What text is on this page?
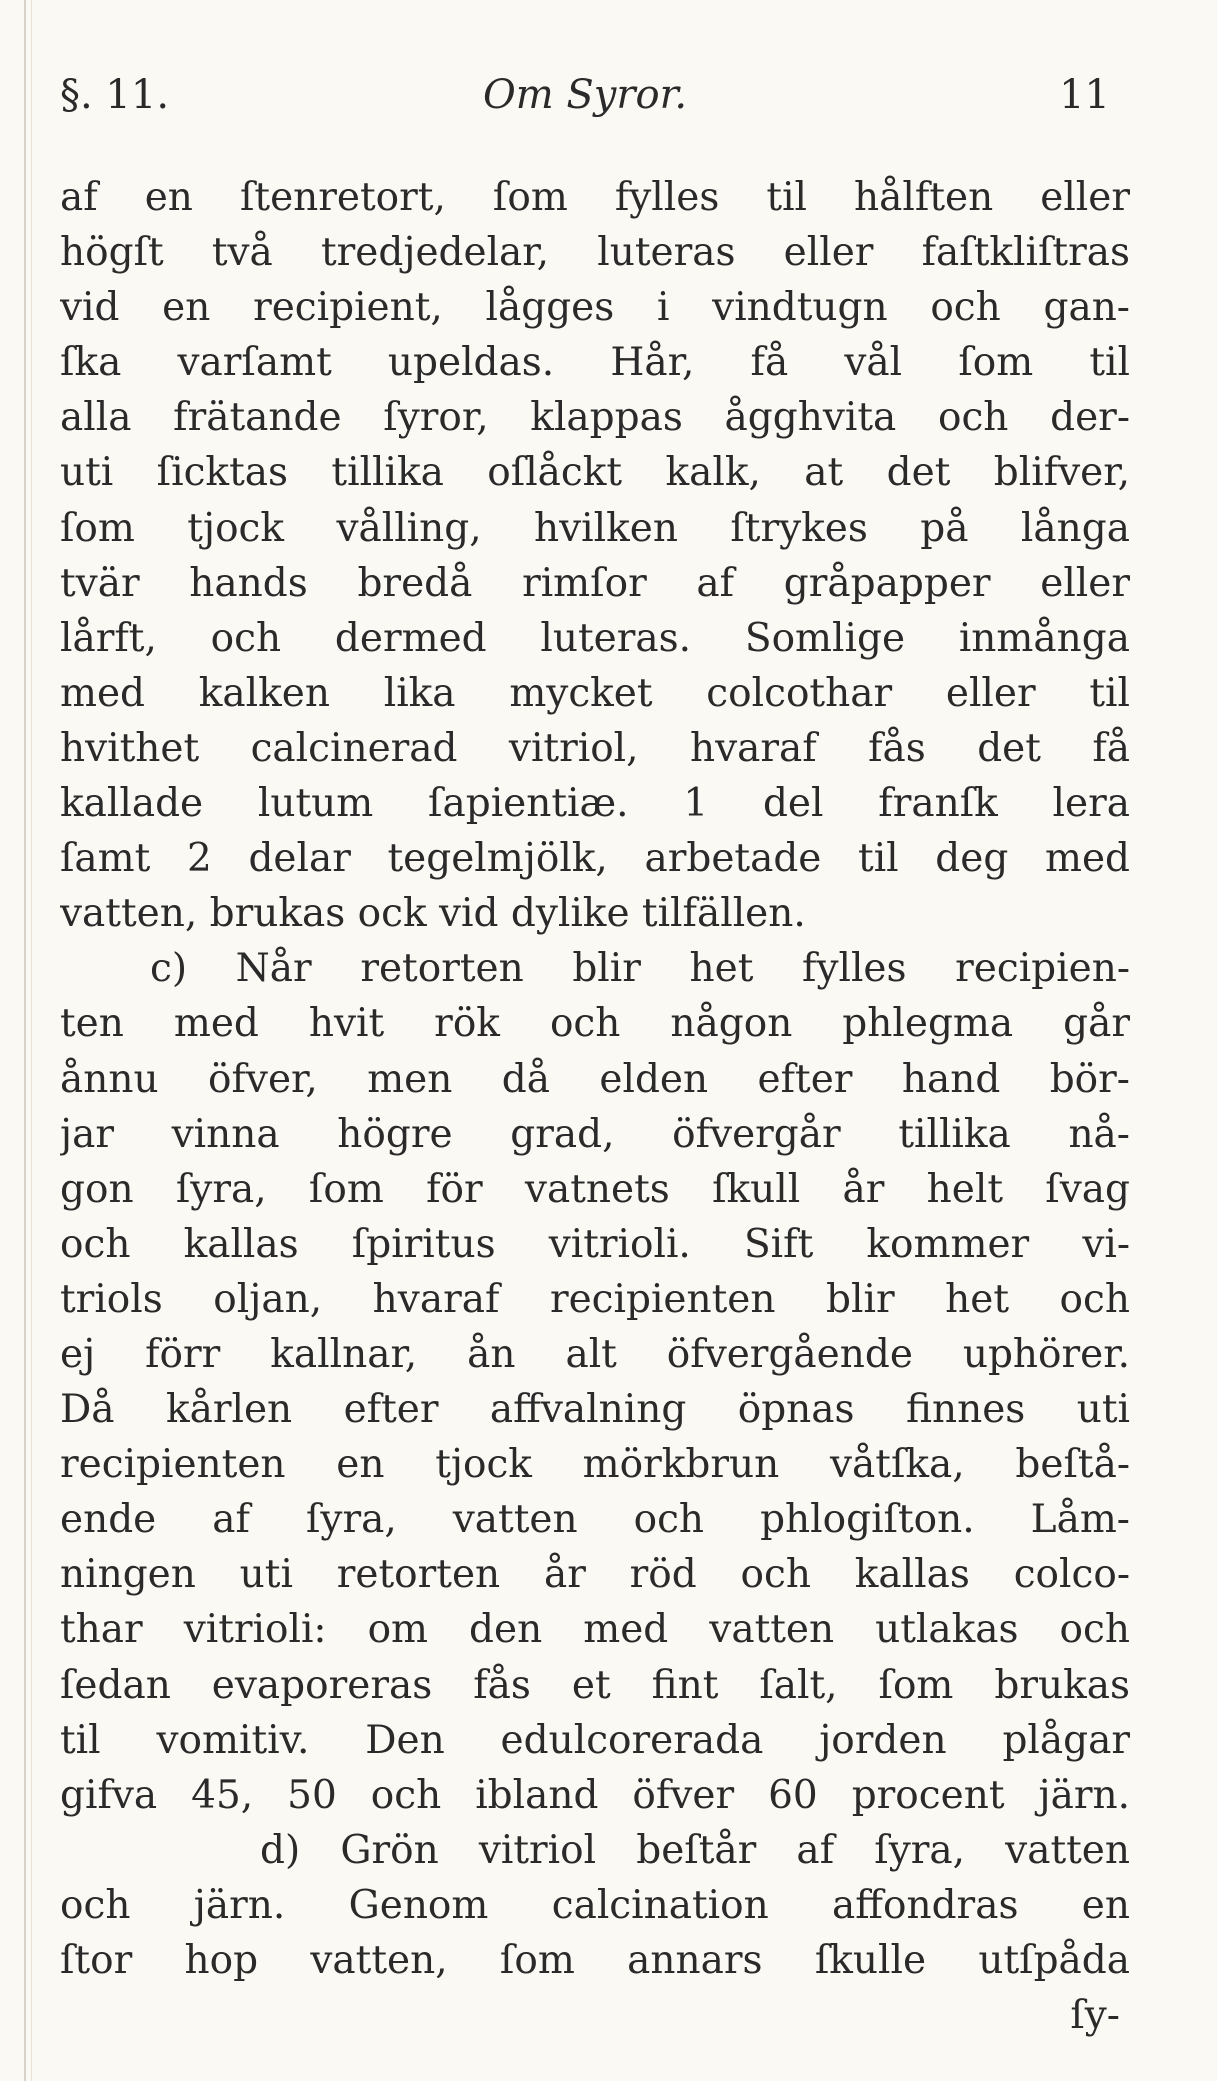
§. 11.	Om Syror.	11
af en ſtenretort, ſom fylles til hålften eller
högſt två tredjedelar, luteras eller faſtkliſtras
vid en recipient, lågges i vindtugn och gan-
ſka varſamt upeldas. Hår, få vål ſom til
alla frätande ſyror, klappas ågghvita och der-
uti ſicktas tillika oſlåckt kalk, at det blifver,
ſom tjock vålling, hvilken ſtrykes på långa
tvär hands bredå rimſor af gråpapper eller
lårft, och dermed luteras. Somlige inmånga
med kalken lika mycket colcothar eller til
hvithet calcinerad vitriol, hvaraf fås det få
kallade lutum ſapientiæ. 1 del franſk lera
ſamt 2 delar tegelmjölk, arbetade til deg med
vatten, brukas ock vid dylike tilfällen.
c) Når retorten blir het fylles recipien-
ten med hvit rök och någon phlegma går
ånnu öfver, men då elden efter hand bör-
jar vinna högre grad, öfvergår tillika nå-
gon ſyra, ſom för vatnets ſkull år helt ſvag
och kallas ſpiritus vitrioli. Sift kommer vi-
triols oljan, hvaraf recipienten blir het och
ej förr kallnar, ån alt öfvergående uphörer.
Då kårlen efter affvalning öpnas finnes uti
recipienten en tjock mörkbrun våtſka, beſtå-
ende af ſyra, vatten och phlogiſton. Låm-
ningen uti retorten år röd och kallas colco-
thar vitrioli: om den med vatten utlakas och
ſedan evaporeras fås et fint ſalt, ſom brukas
til vomitiv. Den edulcorerada jorden plågar
gifva 45, 50 och ibland öfver 60 procent järn.
d) Grön vitriol beſtår af ſyra, vatten
och järn. Genom calcination affondras en
ſtor hop vatten, ſom annars ſkulle utſpåda
ſy-
